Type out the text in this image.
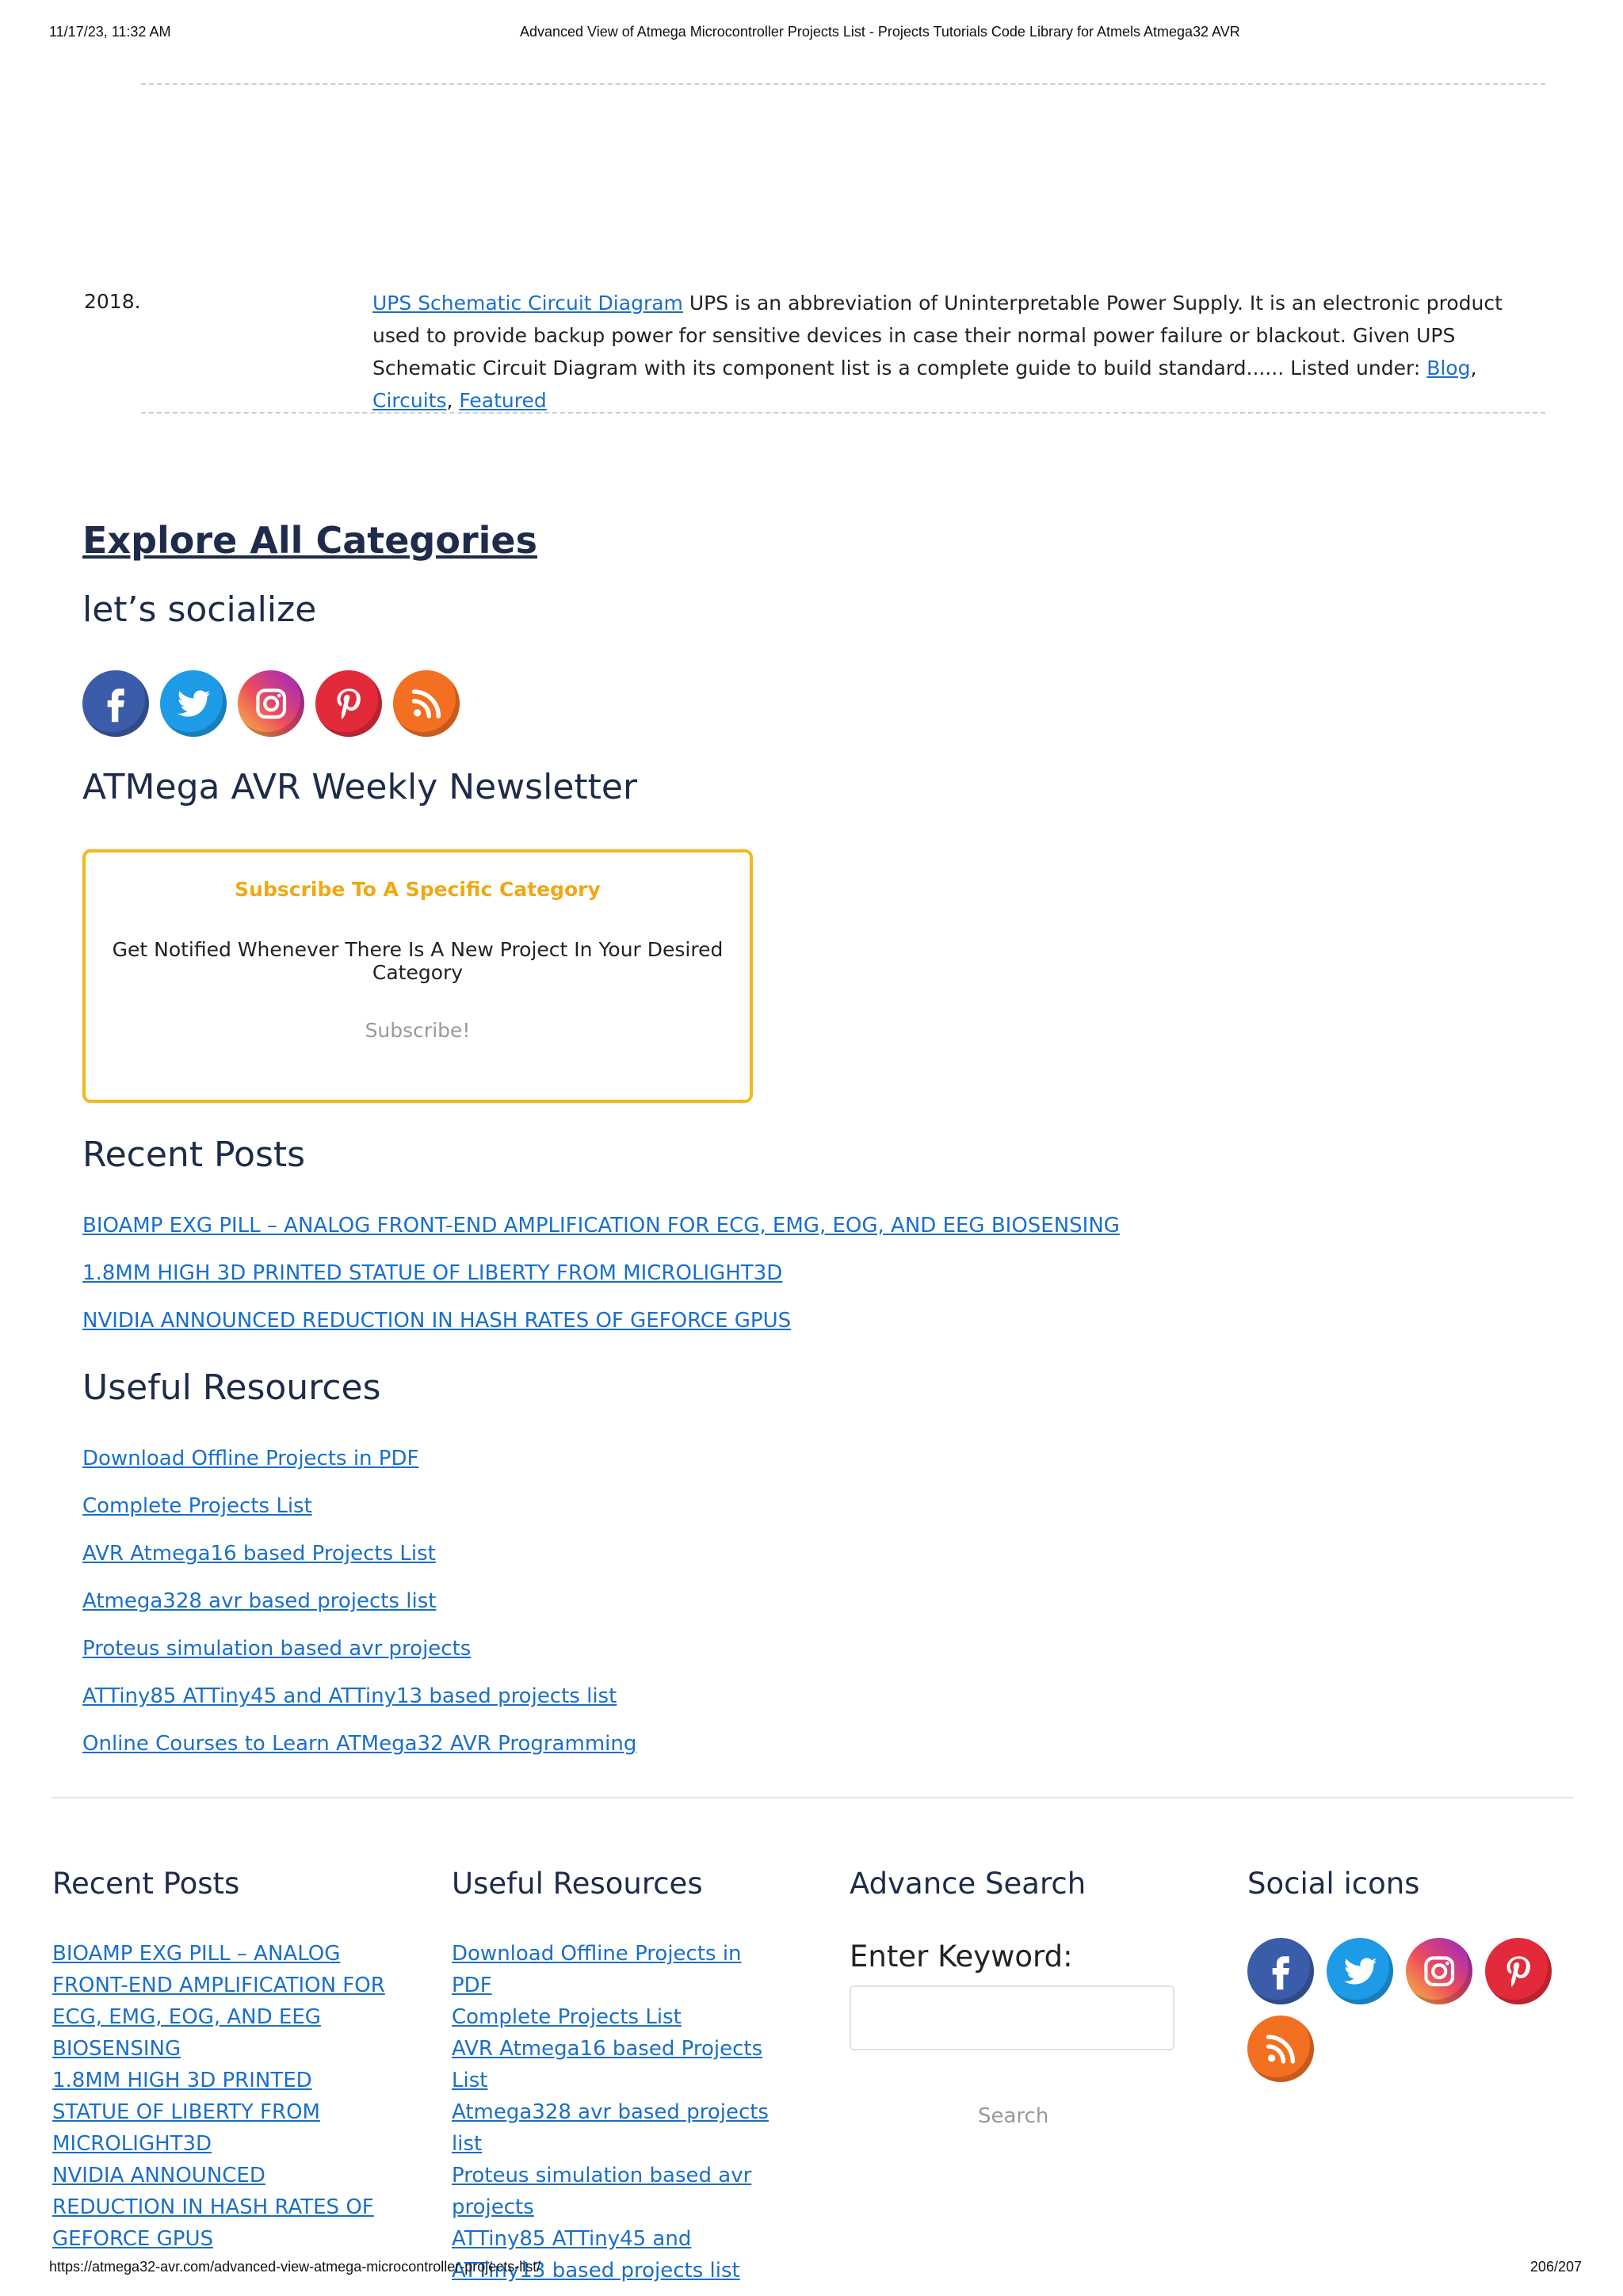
11/17/23, 11:32 AM	Advanced View of Atmega Microcontroller Projects List - Projects Tutorials Code Library for Atmels Atmega32 AVR
2018.	UPS Schematic Circuit Diagram UPS is an abbreviation of Uninterpretable Power Supply. It is an electronic product used to provide backup power for sensitive devices in case their normal power failure or blackout. Given UPS Schematic Circuit Diagram with its component list is a complete guide to build standard...... Listed under: Blog, Circuits, Featured
Explore All Categories
let’s socialize
ATMega AVR Weekly Newsletter
Subscribe To A Specific Category
Get Notified Whenever There Is A New Project In Your Desired Category
Subscribe!
Recent Posts
BIOAMP EXG PILL – ANALOG FRONT-END AMPLIFICATION FOR ECG, EMG, EOG, AND EEG BIOSENSING
1.8MM HIGH 3D PRINTED STATUE OF LIBERTY FROM MICROLIGHT3D
NVIDIA ANNOUNCED REDUCTION IN HASH RATES OF GEFORCE GPUS
Useful Resources
Download Offline Projects in PDF
Complete Projects List
AVR Atmega16 based Projects List
Atmega328 avr based projects list
Proteus simulation based avr projects
ATTiny85 ATTiny45 and ATTiny13 based projects list
Online Courses to Learn ATMega32 AVR Programming
Recent Posts
BIOAMP EXG PILL – ANALOG FRONT-END AMPLIFICATION FOR ECG, EMG, EOG, AND EEG BIOSENSING
1.8MM HIGH 3D PRINTED STATUE OF LIBERTY FROM MICROLIGHT3D
NVIDIA ANNOUNCED REDUCTION IN HASH RATES OF GEFORCE GPUS
Useful Resources
Download Offline Projects in PDF
Complete Projects List
AVR Atmega16 based Projects List
Atmega328 avr based projects list
Proteus simulation based avr projects
ATTiny85 ATTiny45 and ATTiny13 based projects list
Advance Search
Enter Keyword:
Search
Social icons
https://atmega32-avr.com/advanced-view-atmega-microcontroller-projects-list/	206/207
